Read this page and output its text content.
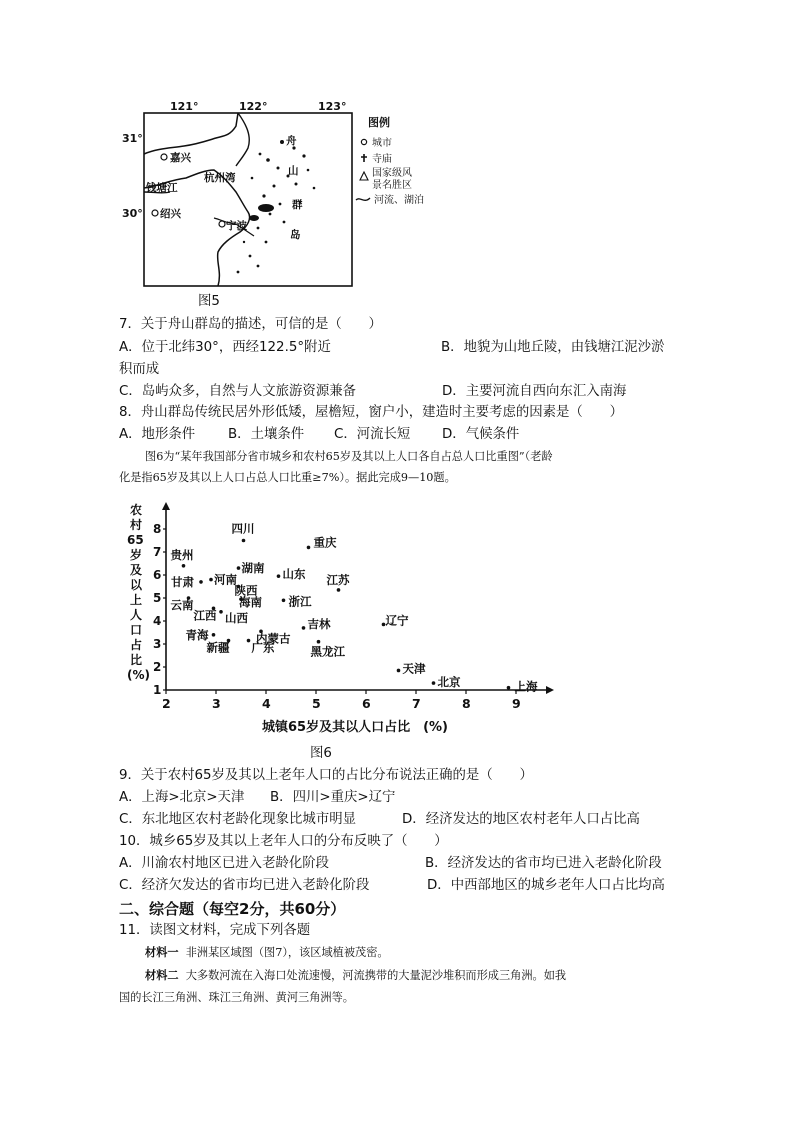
121°	122°	123°
31°
30°
嘉兴
钱塘江
杭州湾
绍兴
宁波
舟
山
群
岛
图例
城市
寺庙
国家级风
景名胜区
河流、湖泊
图5
7．关于舟山群岛的描述，可信的是（　　）
A．位于北纬30°，西经122.5°附近	B．地貌为山地丘陵，由钱塘江泥沙淤
积而成
C．岛屿众多，自然与人文旅游资源兼备	D．主要河流自西向东汇入南海
8．舟山群岛传统民居外形低矮，屋檐短，窗户小，建造时主要考虑的因素是（　　）
A．地形条件 B．土壤条件 C．河流长短 D．气候条件
图6为“某年我国部分省市城乡和农村65岁及其以上人口各自占总人口比重图”（老龄
化是指65岁及其以上人口占总人口比重≥7%）。据此完成9—10题。
农
村
65
岁
及
以
上
人
口
占
比
(%)
1
2
3
4
5
6
7
8
2	3	4	5	6	7	8	9
四川
重庆
贵州
湖南 山东
河南
甘肃	江苏
陕西
云南	海南 浙江
江西 山西	辽宁
吉林
青海	内蒙古
新疆 广东	黑龙江
天津
北京	上海
城镇65岁及其以人口占比　(%)
图6
9．关于农村65岁及其以上老年人口的占比分布说法正确的是（　　）
A．上海>北京>天津 B．四川>重庆>辽宁
C．东北地区农村老龄化现象比城市明显	D．经济发达的地区农村老年人口占比高
10．城乡65岁及其以上老年人口的分布反映了（　　）
A．川渝农村地区已进入老龄化阶段	B．经济发达的省市均已进入老龄化阶段
C．经济欠发达的省市均已进入老龄化阶段	D．中西部地区的城乡老年人口占比均高
二、综合题（每空2分，共60分）
11．读图文材料，完成下列各题
材料一 非洲某区域图（图7），该区域植被茂密。
材料二 大多数河流在入海口处流速慢，河流携带的大量泥沙堆积而形成三角洲。如我
国的长江三角洲、珠江三角洲、黄河三角洲等。
